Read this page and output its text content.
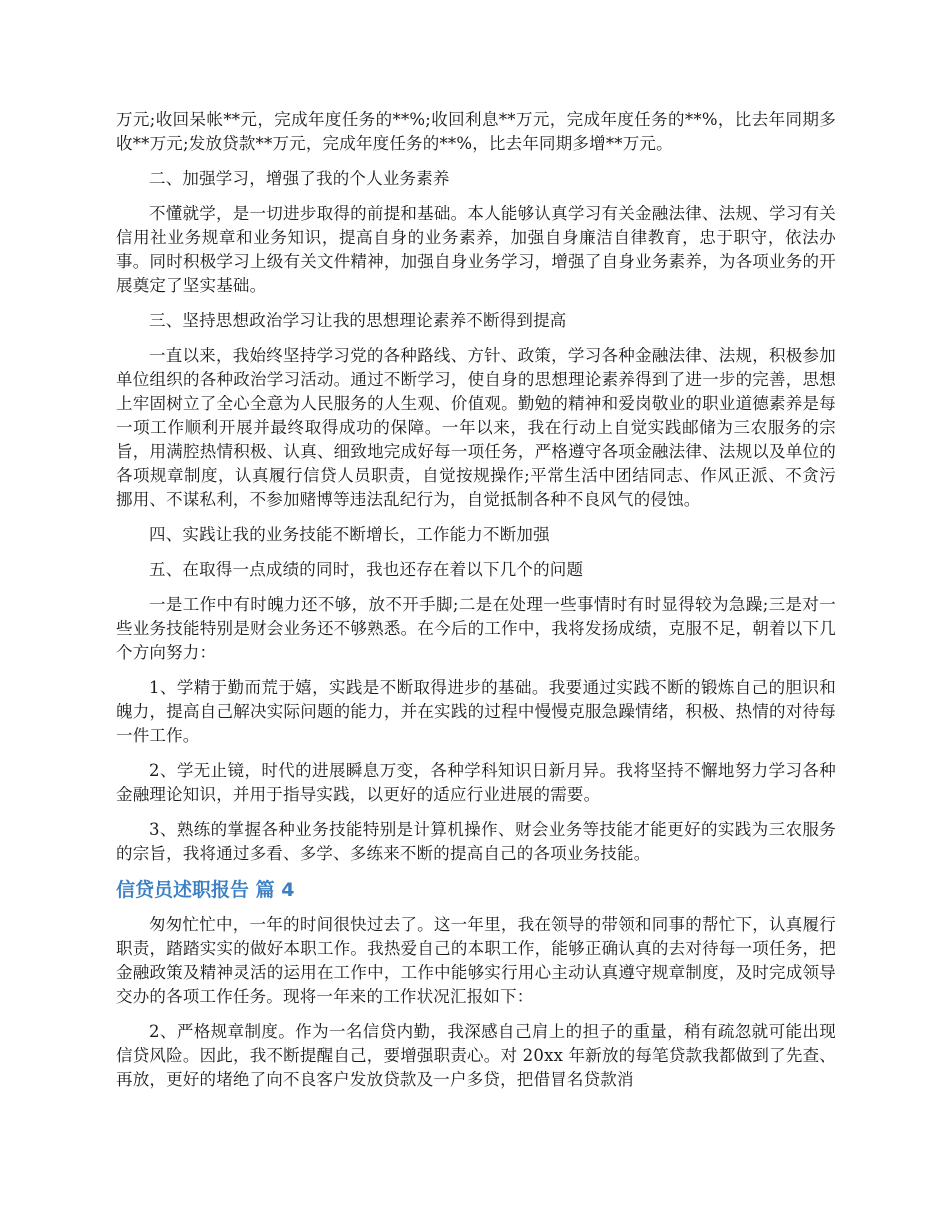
万元;收回呆帐**元，完成年度任务的**%;收回利息**万元，完成年度任务的**%，比去年同期多收**万元;发放贷款**万元，完成年度任务的**%，比去年同期多增**万元。

二、加强学习，增强了我的个人业务素养

不懂就学，是一切进步取得的前提和基础。本人能够认真学习有关金融法律、法规、学习有关信用社业务规章和业务知识，提高自身的业务素养，加强自身廉洁自律教育，忠于职守，依法办事。同时积极学习上级有关文件精神，加强自身业务学习，增强了自身业务素养，为各项业务的开展奠定了坚实基础。

三、坚持思想政治学习让我的思想理论素养不断得到提高

一直以来，我始终坚持学习党的各种路线、方针、政策，学习各种金融法律、法规，积极参加单位组织的各种政治学习活动。通过不断学习，使自身的思想理论素养得到了进一步的完善，思想上牢固树立了全心全意为人民服务的人生观、价值观。勤勉的精神和爱岗敬业的职业道德素养是每一项工作顺利开展并最终取得成功的保障。一年以来，我在行动上自觉实践邮储为三农服务的宗旨，用满腔热情积极、认真、细致地完成好每一项任务，严格遵守各项金融法律、法规以及单位的各项规章制度，认真履行信贷人员职责，自觉按规操作;平常生活中团结同志、作风正派、不贪污挪用、不谋私利，不参加赌博等违法乱纪行为，自觉抵制各种不良风气的侵蚀。

四、实践让我的业务技能不断增长，工作能力不断加强

五、在取得一点成绩的同时，我也还存在着以下几个的问题

一是工作中有时魄力还不够，放不开手脚;二是在处理一些事情时有时显得较为急躁;三是对一些业务技能特别是财会业务还不够熟悉。在今后的工作中，我将发扬成绩，克服不足，朝着以下几个方向努力：

1、学精于勤而荒于嬉，实践是不断取得进步的基础。我要通过实践不断的锻炼自己的胆识和魄力，提高自己解决实际问题的能力，并在实践的过程中慢慢克服急躁情绪，积极、热情的对待每一件工作。

2、学无止镜，时代的进展瞬息万变，各种学科知识日新月异。我将坚持不懈地努力学习各种金融理论知识，并用于指导实践，以更好的适应行业进展的需要。

3、熟练的掌握各种业务技能特别是计算机操作、财会业务等技能才能更好的实践为三农服务的宗旨，我将通过多看、多学、多练来不断的提高自己的各项业务技能。

信贷员述职报告 篇 4

匆匆忙忙中，一年的时间很快过去了。这一年里，我在领导的带领和同事的帮忙下，认真履行职责，踏踏实实的做好本职工作。我热爱自己的本职工作，能够正确认真的去对待每一项任务，把金融政策及精神灵活的运用在工作中，工作中能够实行用心主动认真遵守规章制度，及时完成领导交办的各项工作任务。现将一年来的工作状况汇报如下：

2、严格规章制度。作为一名信贷内勤，我深感自己肩上的担子的重量，稍有疏忽就可能出现信贷风险。因此，我不断提醒自己，要增强职责心。对 20xx 年新放的每笔贷款我都做到了先查、再放，更好的堵绝了向不良客户发放贷款及一户多贷，把借冒名贷款消
